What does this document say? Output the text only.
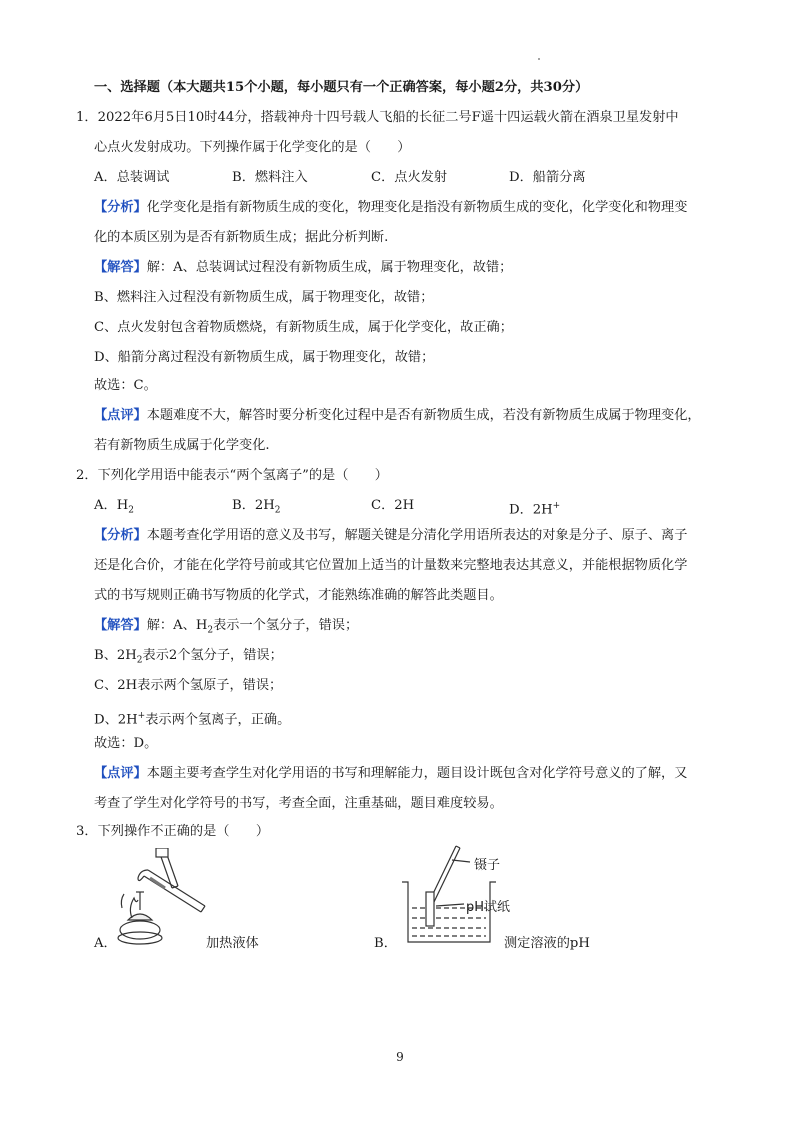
一、选择题（本大题共15个小题，每小题只有一个正确答案，每小题2分，共30分）
1．2022年6月5日10时44分，搭载神舟十四号载人飞船的长征二号F遥十四运载火箭在酒泉卫星发射中
心点火发射成功。下列操作属于化学变化的是（　　）
A．总装调试	B．燃料注入	C．点火发射	D．船箭分离
【分析】化学变化是指有新物质生成的变化，物理变化是指没有新物质生成的变化，化学变化和物理变
化的本质区别为是否有新物质生成；据此分析判断.
【解答】解：A、总装调试过程没有新物质生成，属于物理变化，故错；
B、燃料注入过程没有新物质生成，属于物理变化，故错；
C、点火发射包含着物质燃烧，有新物质生成，属于化学变化，故正确；
D、船箭分离过程没有新物质生成，属于物理变化，故错；
故选：C。
【点评】本题难度不大，解答时要分析变化过程中是否有新物质生成，若没有新物质生成属于物理变化，
若有新物质生成属于化学变化.
2．下列化学用语中能表示“两个氢离子”的是（　　）
A．$H_2$	B．$2H_2$	C．2H	D．2H+
【分析】本题考查化学用语的意义及书写，解题关键是分清化学用语所表达的对象是分子、原子、离子
还是化合价，才能在化学符号前或其它位置加上适当的计量数来完整地表达其意义，并能根据物质化学
式的书写规则正确书写物质的化学式，才能熟练准确的解答此类题目。
【解答】解：A、$H_2$表示一个氢分子，错误；
B、$2H_2$表示2个氢分子，错误；
C、2H表示两个氢原子，错误；
D、2H+表示两个氢离子，正确。
故选：D。
【点评】本题主要考查学生对化学用语的书写和理解能力，题目设计既包含对化学符号意义的了解，又
考查了学生对化学符号的书写，考查全面，注重基础，题目难度较易。
3．下列操作不正确的是（　　）
A．	加热液体
镊子
pH试纸
B．	测定溶液的pH
9
